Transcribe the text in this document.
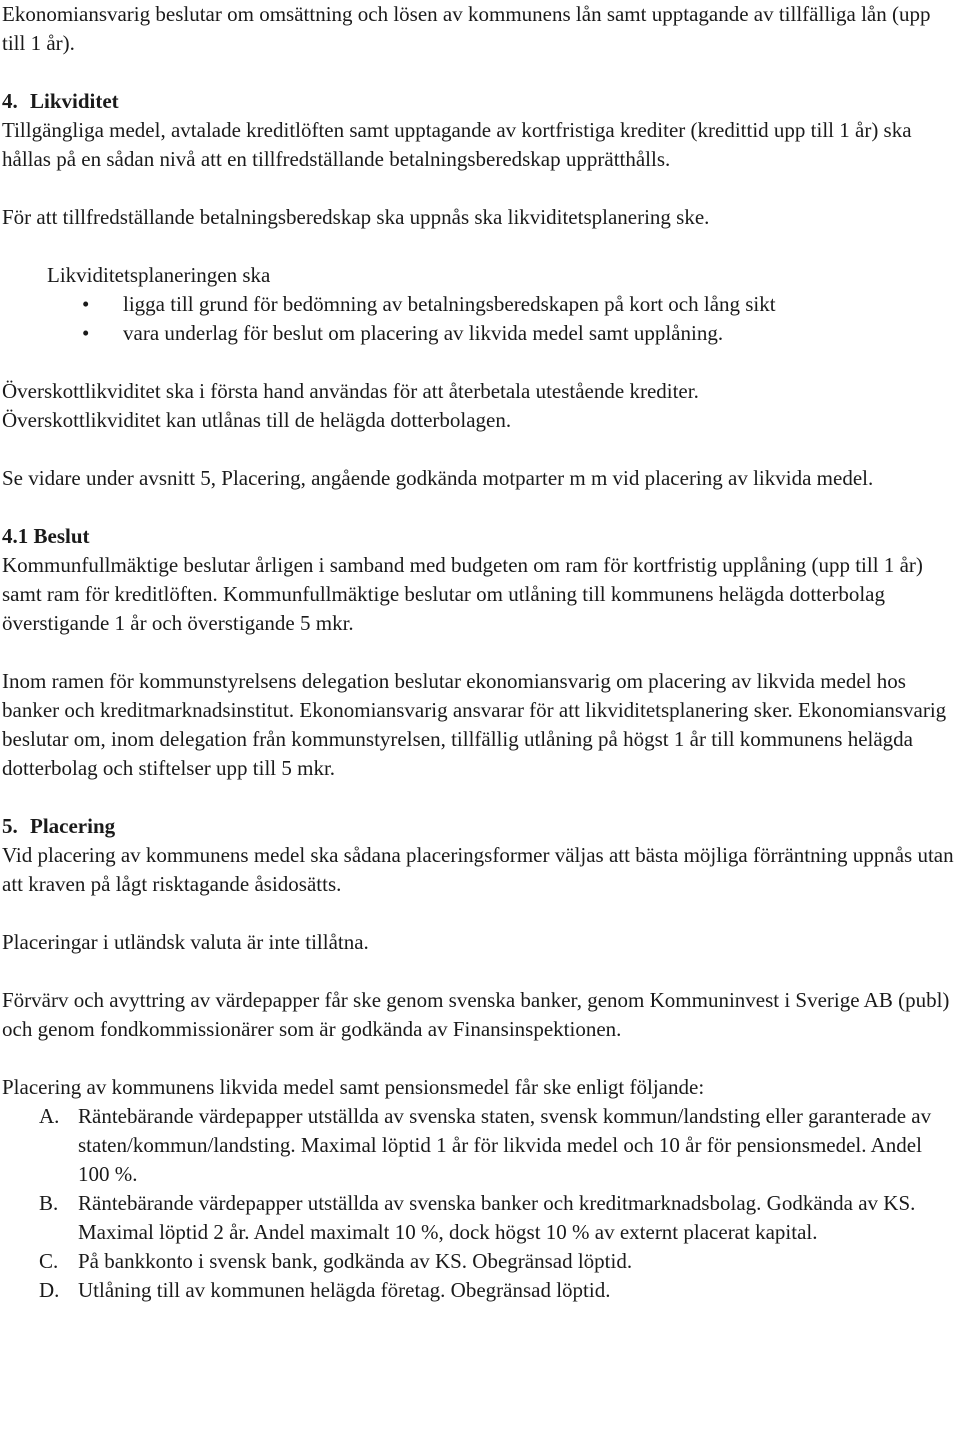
Ekonomiansvarig beslutar om omsättning och lösen av kommunens lån samt upptagande av tillfälliga lån (upp till 1 år).

4. Likviditet

Tillgängliga medel, avtalade kreditlöften samt upptagande av kortfristiga krediter (kredittid upp till 1 år) ska hållas på en sådan nivå att en tillfredställande betalningsberedskap upprätthålls.

För att tillfredställande betalningsberedskap ska uppnås ska likviditetsplanering ske.

Likviditetsplaneringen ska

• ligga till grund för bedömning av betalningsberedskapen på kort och lång sikt
• vara underlag för beslut om placering av likvida medel samt upplåning.

Överskottlikviditet ska i första hand användas för att återbetala utestående krediter.

Överskottlikviditet kan utlånas till de helägda dotterbolagen.

Se vidare under avsnitt 5, Placering, angående godkända motparter m m vid placering av likvida medel.

4.1 Beslut

Kommunfullmäktige beslutar årligen i samband med budgeten om ram för kortfristig upplåning (upp till 1 år) samt ram för kreditlöften. Kommunfullmäktige beslutar om utlåning till kommunens helägda dotterbolag överstigande 1 år och överstigande 5 mkr.

Inom ramen för kommunstyrelsens delegation beslutar ekonomiansvarig om placering av likvida medel hos banker och kreditmarknadsinstitut. Ekonomiansvarig ansvarar för att likviditetsplanering sker. Ekonomiansvarig beslutar om, inom delegation från kommunstyrelsen, tillfällig utlåning på högst 1 år till kommunens helägda dotterbolag och stiftelser upp till 5 mkr.

5. Placering

Vid placering av kommunens medel ska sådana placeringsformer väljas att bästa möjliga förräntning uppnås utan att kraven på lågt risktagande åsidosätts.

Placeringar i utländsk valuta är inte tillåtna.

Förvärv och avyttring av värdepapper får ske genom svenska banker, genom Kommuninvest i Sverige AB (publ) och genom fondkommissionärer som är godkända av Finansinspektionen.

Placering av kommunens likvida medel samt pensionsmedel får ske enligt följande:

A. Räntebärande värdepapper utställda av svenska staten, svensk kommun/landsting eller garanterade av staten/kommun/landsting. Maximal löptid 1 år för likvida medel och 10 år för pensionsmedel. Andel 100 %.
B. Räntebärande värdepapper utställda av svenska banker och kreditmarknadsbolag. Godkända av KS. Maximal löptid 2 år. Andel maximalt 10 %, dock högst 10 % av externt placerat kapital.
C. På bankkonto i svensk bank, godkända av KS. Obegränsad löptid.
D. Utlåning till av kommunen helägda företag. Obegränsad löptid.
